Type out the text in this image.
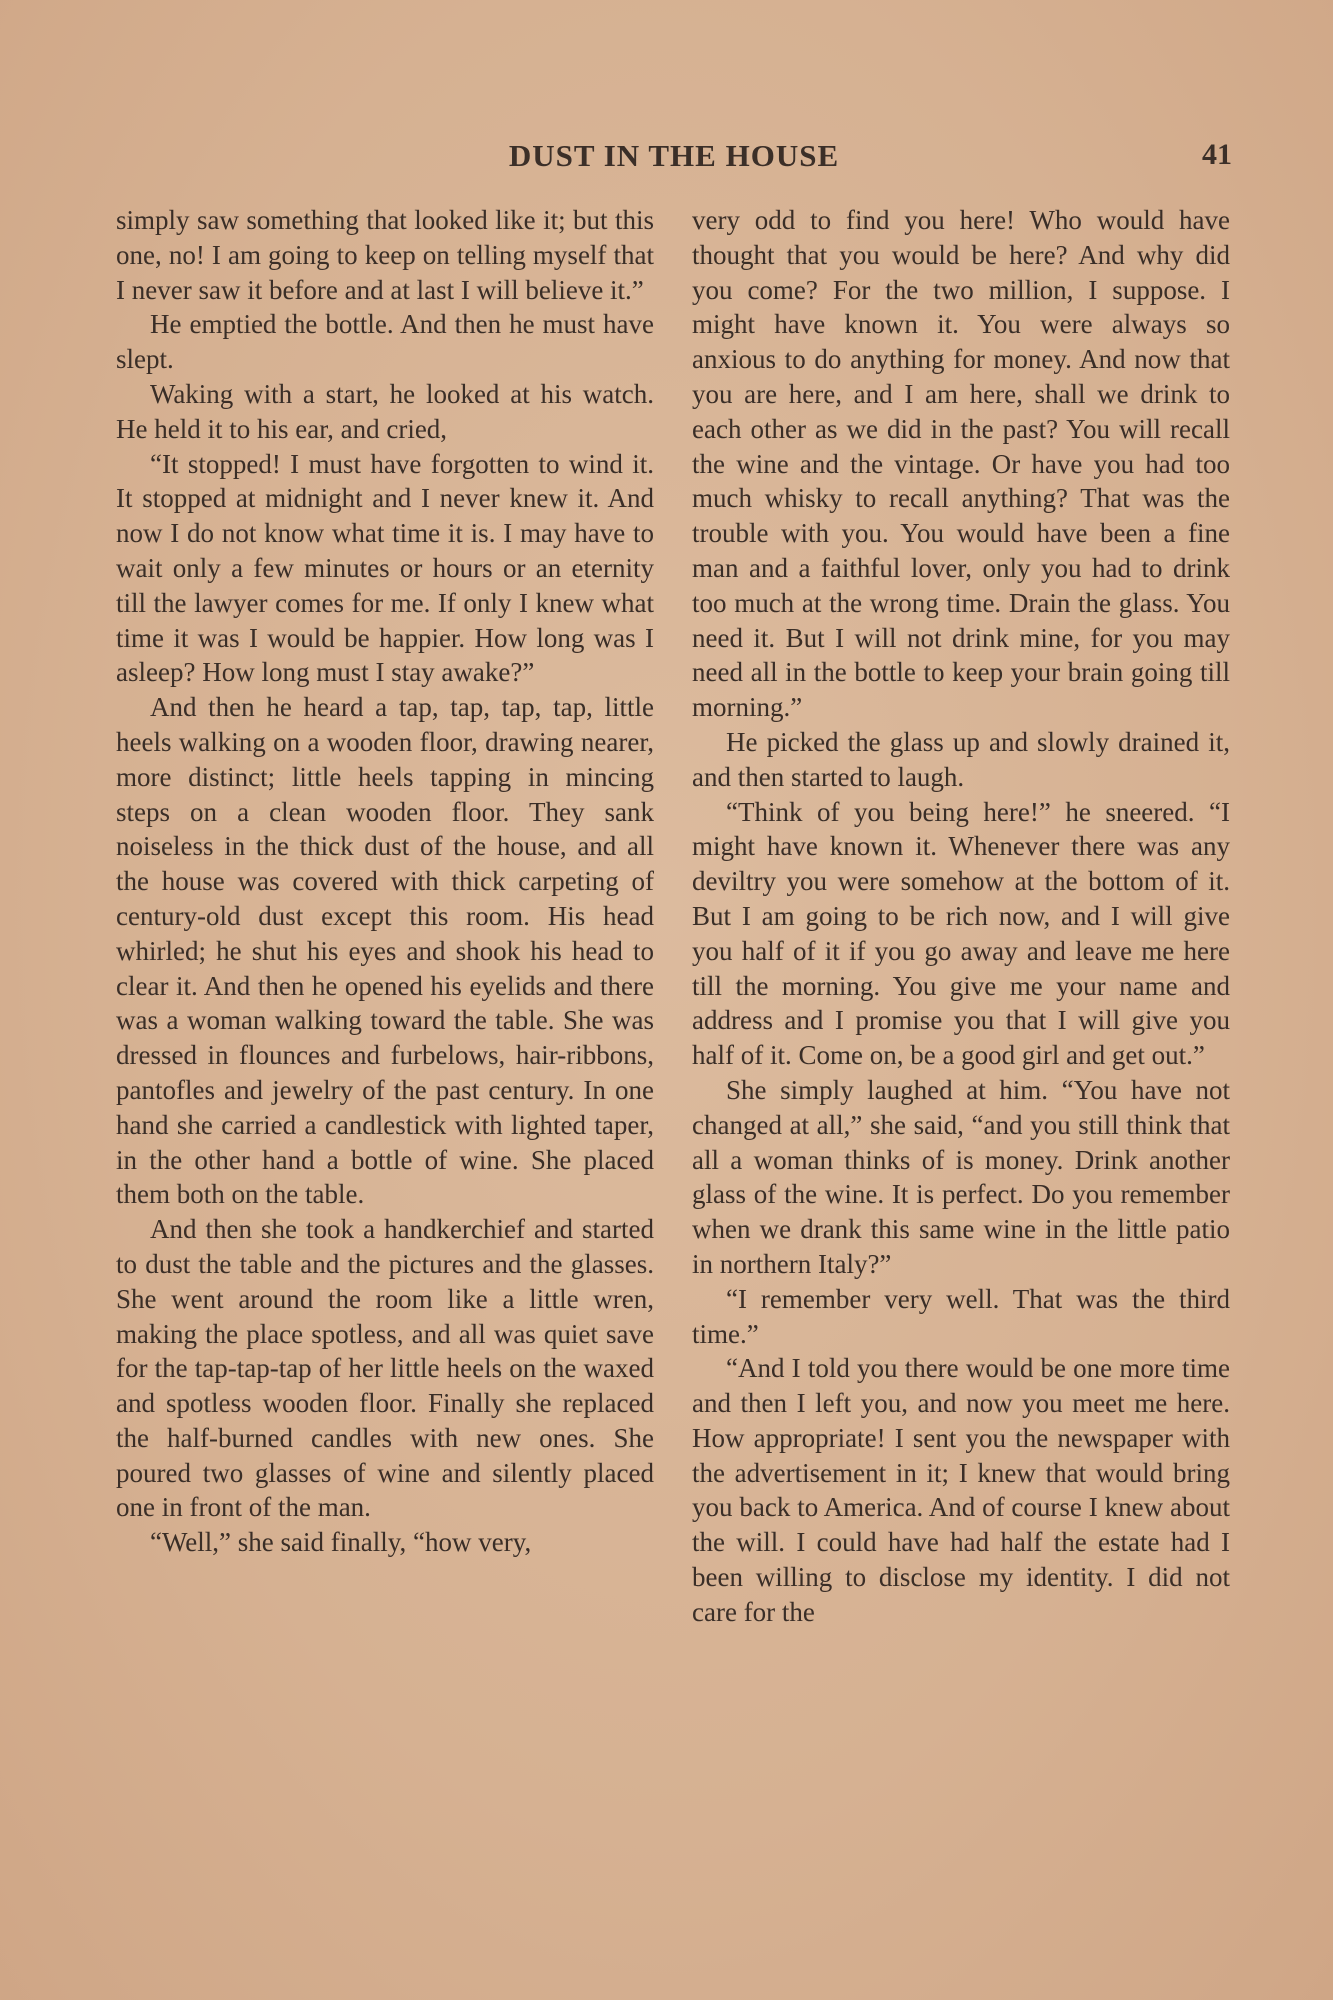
DUST IN THE HOUSE	41

simply saw something that looked like it; but this one, no! I am going to keep on telling myself that I never saw it before and at last I will believe it.”

He emptied the bottle. And then he must have slept.

Waking with a start, he looked at his watch. He held it to his ear, and cried,

“It stopped! I must have forgotten to wind it. It stopped at midnight and I never knew it. And now I do not know what time it is. I may have to wait only a few minutes or hours or an eternity till the lawyer comes for me. If only I knew what time it was I would be happier. How long was I asleep? How long must I stay awake?”

And then he heard a tap, tap, tap, tap, little heels walking on a wooden floor, drawing nearer, more distinct; little heels tapping in mincing steps on a clean wooden floor. They sank noiseless in the thick dust of the house, and all the house was covered with thick carpeting of century-old dust except this room. His head whirled; he shut his eyes and shook his head to clear it. And then he opened his eyelids and there was a woman walking toward the table. She was dressed in flounces and furbelows, hair-ribbons, pantofles and jewelry of the past century. In one hand she carried a candlestick with lighted taper, in the other hand a bottle of wine. She placed them both on the table.

And then she took a handkerchief and started to dust the table and the pictures and the glasses. She went around the room like a little wren, making the place spotless, and all was quiet save for the tap-tap-tap of her little heels on the waxed and spotless wooden floor. Finally she replaced the half-burned candles with new ones. She poured two glasses of wine and silently placed one in front of the man.

“Well,” she said finally, “how very,

very odd to find you here! Who would have thought that you would be here? And why did you come? For the two million, I suppose. I might have known it. You were always so anxious to do anything for money. And now that you are here, and I am here, shall we drink to each other as we did in the past? You will recall the wine and the vintage. Or have you had too much whisky to recall anything? That was the trouble with you. You would have been a fine man and a faithful lover, only you had to drink too much at the wrong time. Drain the glass. You need it. But I will not drink mine, for you may need all in the bottle to keep your brain going till morning.”

He picked the glass up and slowly drained it, and then started to laugh.

“Think of you being here!” he sneered. “I might have known it. Whenever there was any deviltry you were somehow at the bottom of it. But I am going to be rich now, and I will give you half of it if you go away and leave me here till the morning. You give me your name and address and I promise you that I will give you half of it. Come on, be a good girl and get out.”

She simply laughed at him. “You have not changed at all,” she said, “and you still think that all a woman thinks of is money. Drink another glass of the wine. It is perfect. Do you remember when we drank this same wine in the little patio in northern Italy?”

“I remember very well. That was the third time.”

“And I told you there would be one more time and then I left you, and now you meet me here. How appropriate! I sent you the newspaper with the advertisement in it; I knew that would bring you back to America. And of course I knew about the will. I could have had half the estate had I been willing to disclose my identity. I did not care for the
